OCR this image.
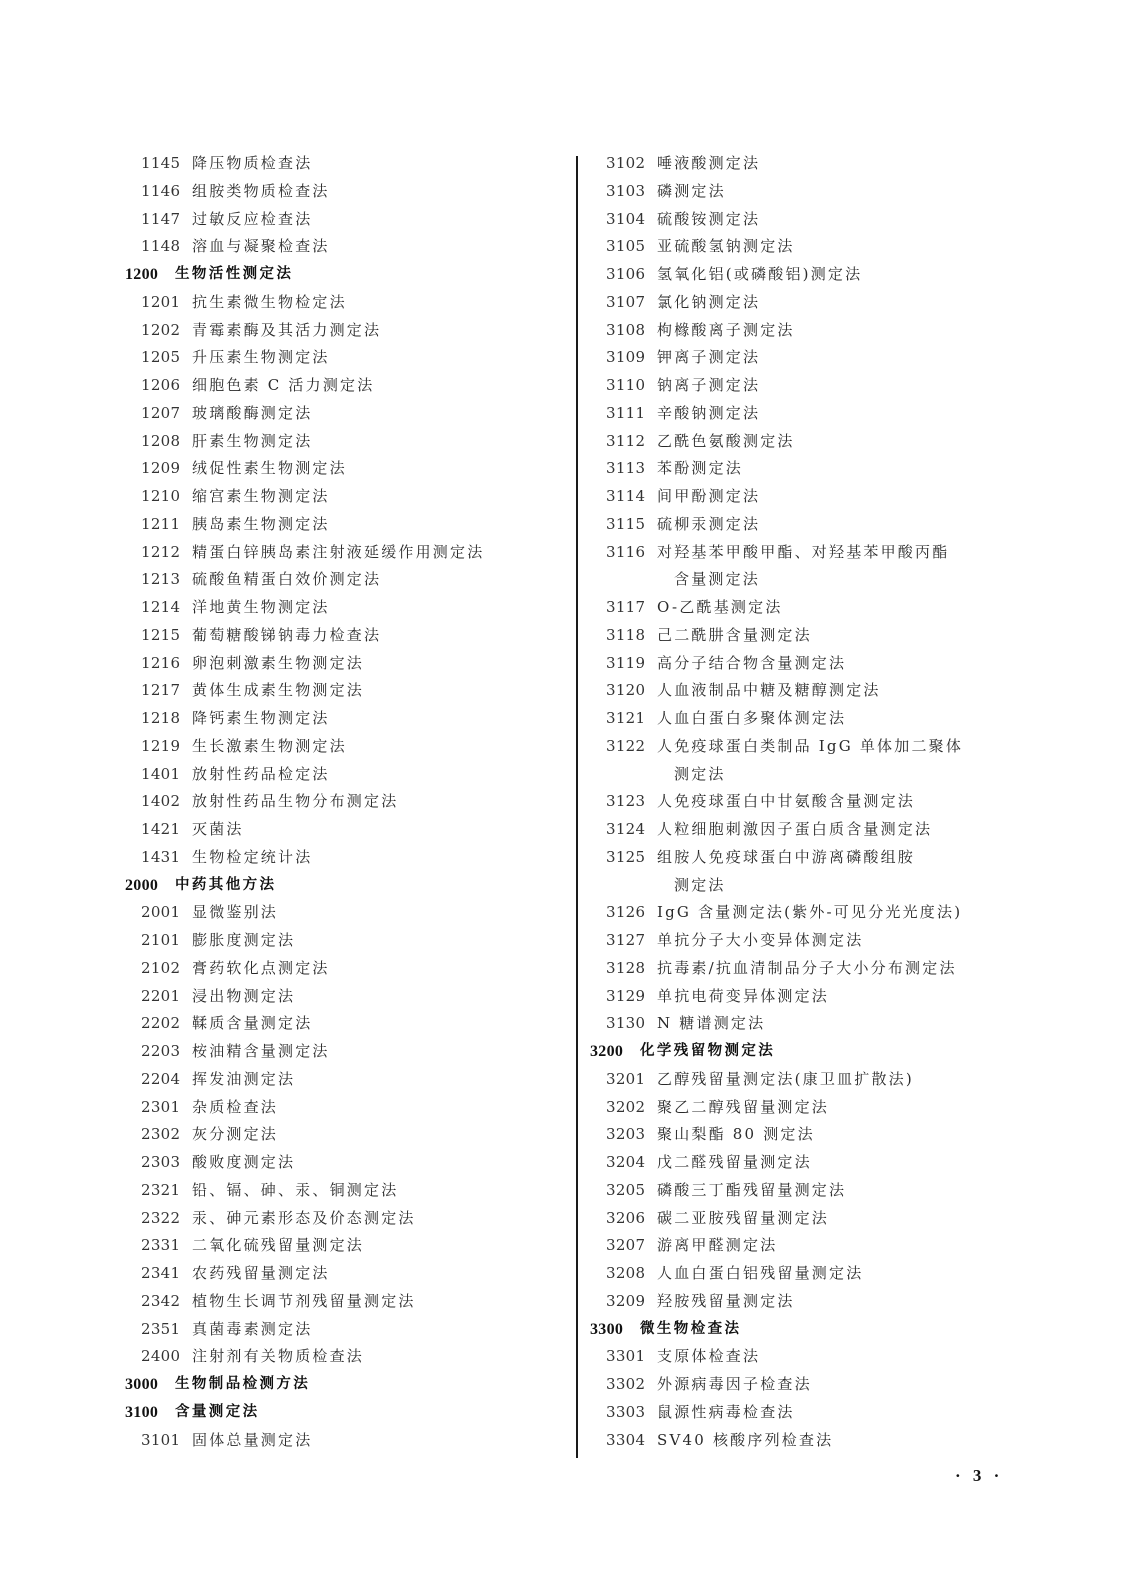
1145 降压物质检查法
1146 组胺类物质检查法
1147 过敏反应检查法
1148 溶血与凝聚检查法
1200 生物活性测定法
1201 抗生素微生物检定法
1202 青霉素酶及其活力测定法
1205 升压素生物测定法
1206 细胞色素 C 活力测定法
1207 玻璃酸酶测定法
1208 肝素生物测定法
1209 绒促性素生物测定法
1210 缩宫素生物测定法
1211 胰岛素生物测定法
1212 精蛋白锌胰岛素注射液延缓作用测定法
1213 硫酸鱼精蛋白效价测定法
1214 洋地黄生物测定法
1215 葡萄糖酸锑钠毒力检查法
1216 卵泡刺激素生物测定法
1217 黄体生成素生物测定法
1218 降钙素生物测定法
1219 生长激素生物测定法
1401 放射性药品检定法
1402 放射性药品生物分布测定法
1421 灭菌法
1431 生物检定统计法
2000 中药其他方法
2001 显微鉴别法
2101 膨胀度测定法
2102 膏药软化点测定法
2201 浸出物测定法
2202 鞣质含量测定法
2203 桉油精含量测定法
2204 挥发油测定法
2301 杂质检查法
2302 灰分测定法
2303 酸败度测定法
2321 铅、镉、砷、汞、铜测定法
2322 汞、砷元素形态及价态测定法
2331 二氧化硫残留量测定法
2341 农药残留量测定法
2342 植物生长调节剂残留量测定法
2351 真菌毒素测定法
2400 注射剂有关物质检查法
3000 生物制品检测方法
3100 含量测定法
3101 固体总量测定法
3102 唾液酸测定法
3103 磷测定法
3104 硫酸铵测定法
3105 亚硫酸氢钠测定法
3106 氢氧化铝(或磷酸铝)测定法
3107 氯化钠测定法
3108 枸橼酸离子测定法
3109 钾离子测定法
3110 钠离子测定法
3111 辛酸钠测定法
3112 乙酰色氨酸测定法
3113 苯酚测定法
3114 间甲酚测定法
3115 硫柳汞测定法
3116 对羟基苯甲酸甲酯、对羟基苯甲酸丙酯
含量测定法
3117 O-乙酰基测定法
3118 己二酰肼含量测定法
3119 高分子结合物含量测定法
3120 人血液制品中糖及糖醇测定法
3121 人血白蛋白多聚体测定法
3122 人免疫球蛋白类制品 IgG 单体加二聚体
测定法
3123 人免疫球蛋白中甘氨酸含量测定法
3124 人粒细胞刺激因子蛋白质含量测定法
3125 组胺人免疫球蛋白中游离磷酸组胺
测定法
3126 IgG 含量测定法(紫外-可见分光光度法)
3127 单抗分子大小变异体测定法
3128 抗毒素/抗血清制品分子大小分布测定法
3129 单抗电荷变异体测定法
3130 N 糖谱测定法
3200 化学残留物测定法
3201 乙醇残留量测定法(康卫皿扩散法)
3202 聚乙二醇残留量测定法
3203 聚山梨酯 80 测定法
3204 戊二醛残留量测定法
3205 磷酸三丁酯残留量测定法
3206 碳二亚胺残留量测定法
3207 游离甲醛测定法
3208 人血白蛋白铝残留量测定法
3209 羟胺残留量测定法
3300 微生物检查法
3301 支原体检查法
3302 外源病毒因子检查法
3303 鼠源性病毒检查法
3304 SV40 核酸序列检查法
· 3 ·
